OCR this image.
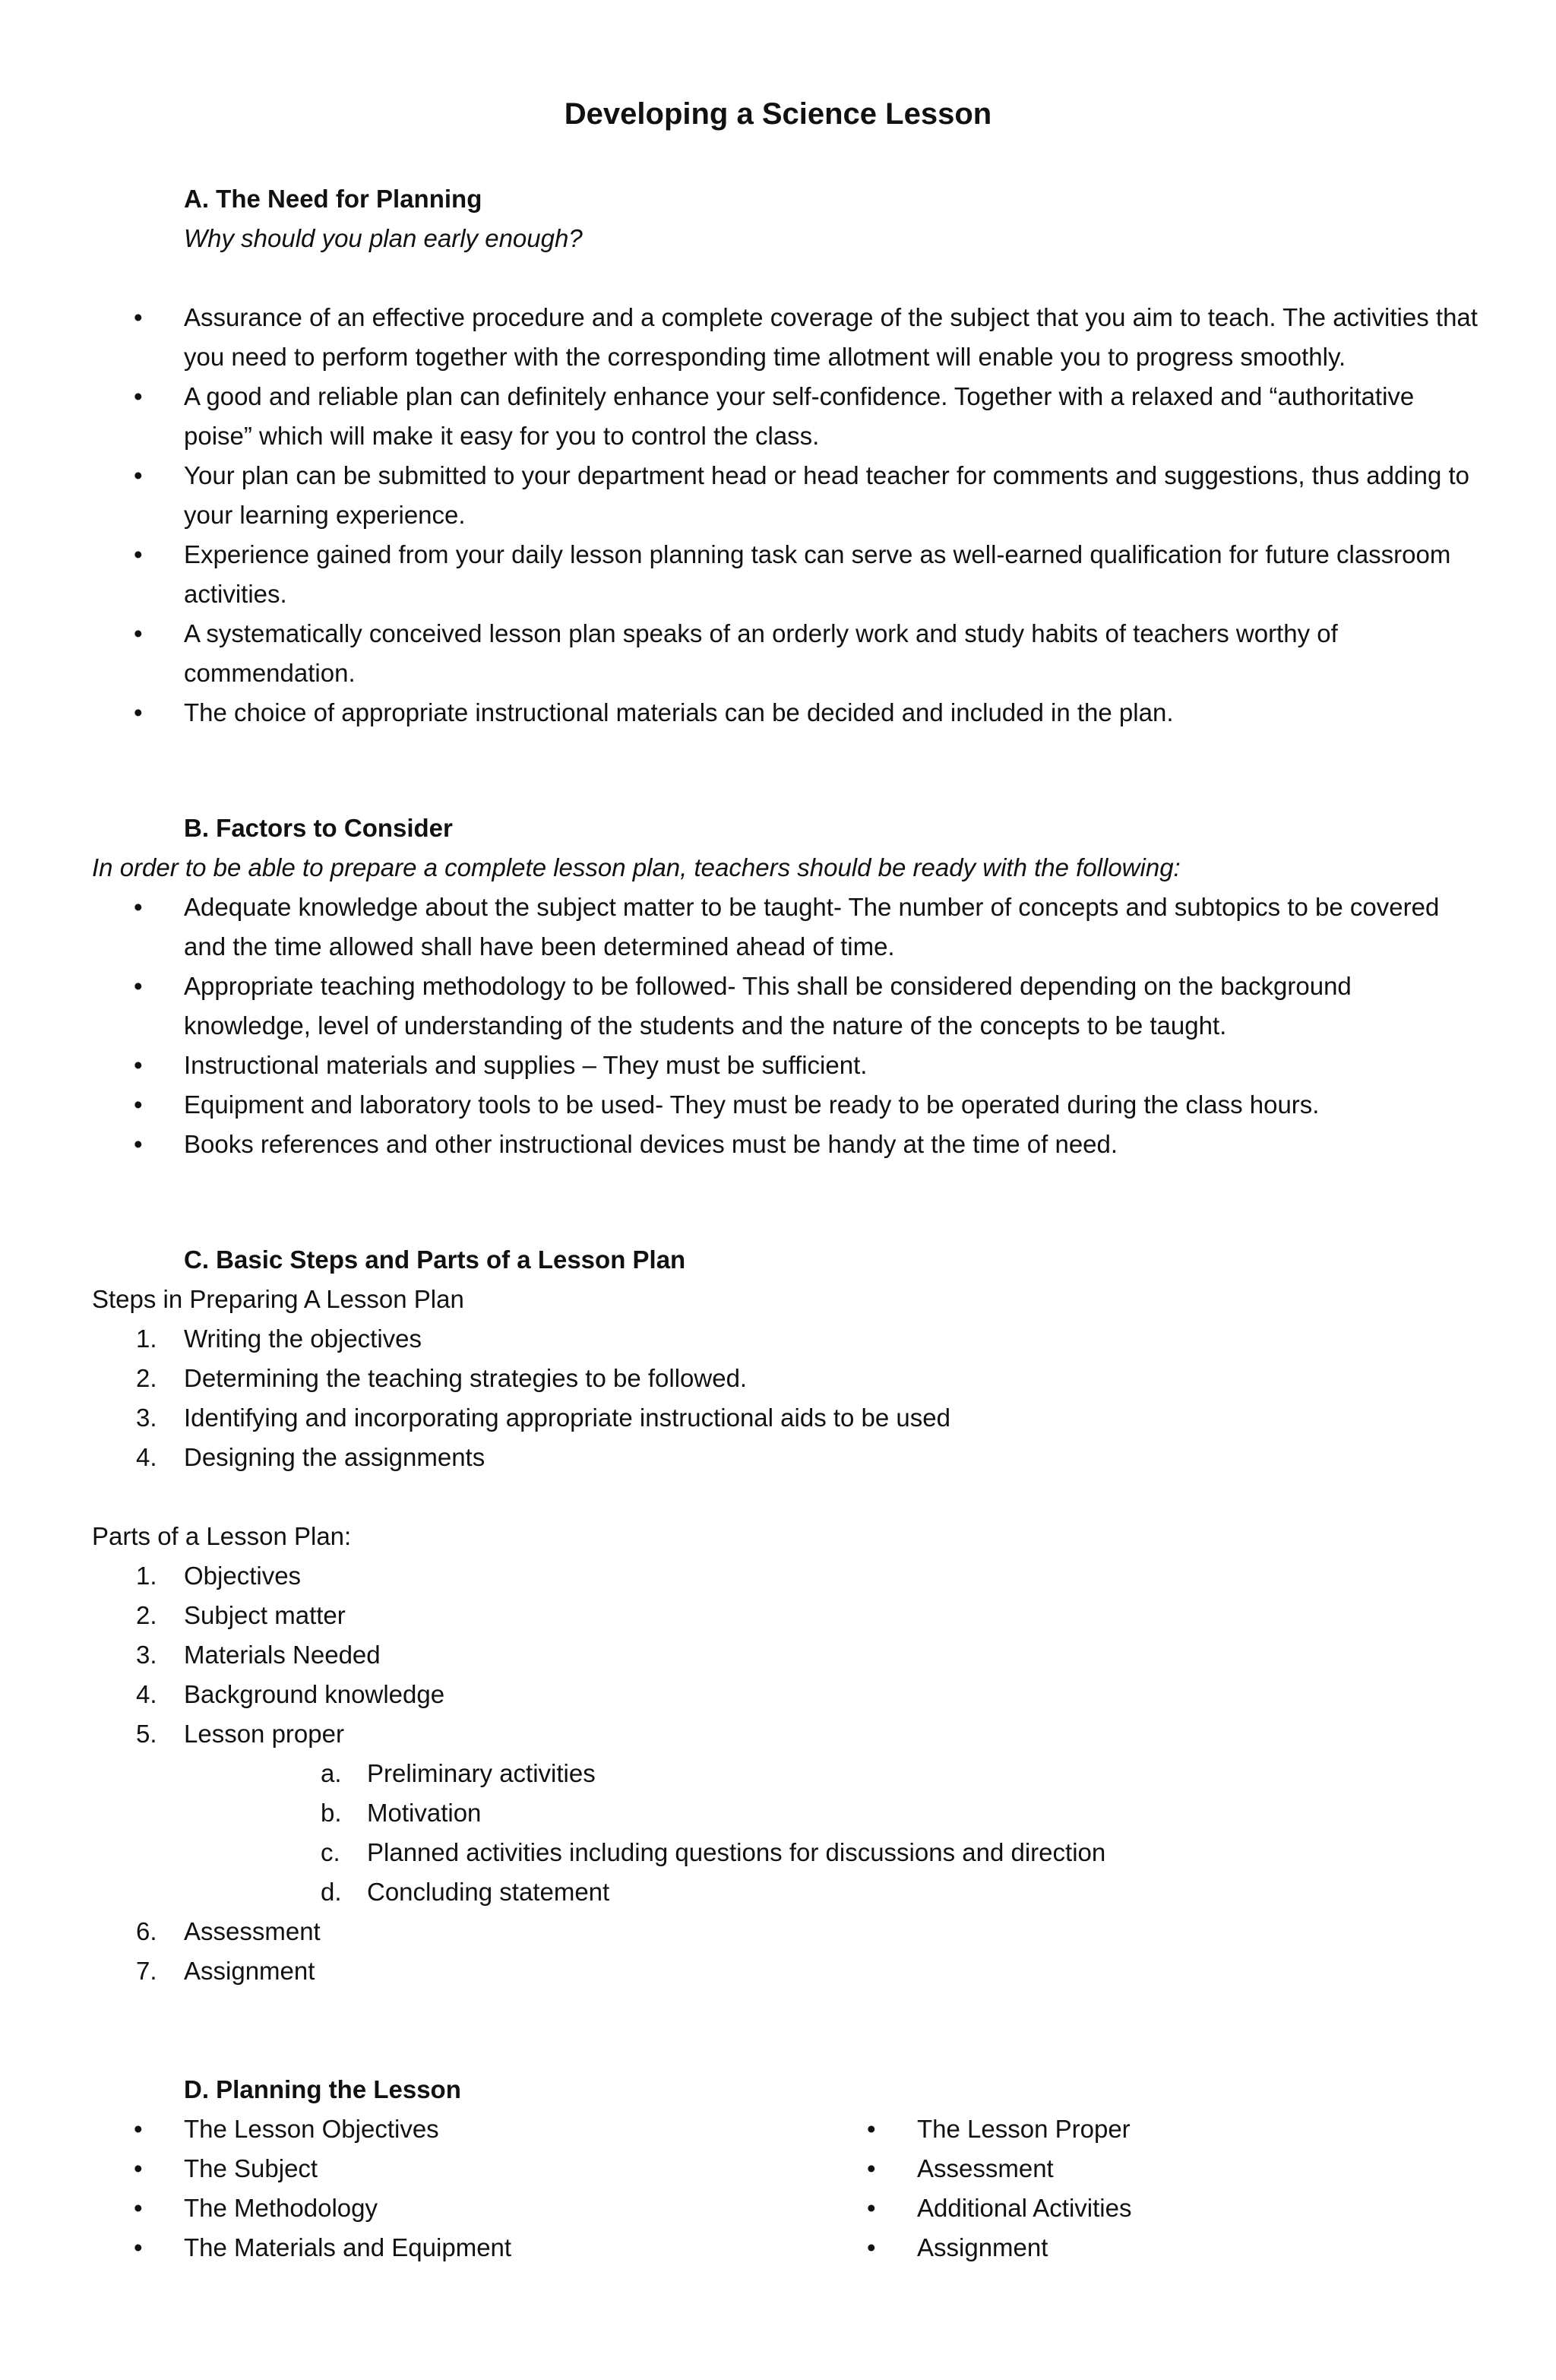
Developing a Science Lesson
A. The Need for Planning
Why should you plan early enough?
•	Assurance of an effective procedure and a complete coverage of the subject that you aim to teach. The activities that you need to perform together with the corresponding time allotment will enable you to progress smoothly.
•	A good and reliable plan can definitely enhance your self-confidence. Together with a relaxed and “authoritative poise” which will make it easy for you to control the class.
•	Your plan can be submitted to your department head or head teacher for comments and suggestions, thus adding to your learning experience.
•	Experience gained from your daily lesson planning task can serve as well-earned qualification for future classroom activities.
•	A systematically conceived lesson plan speaks of an orderly work and study habits of teachers worthy of commendation.
•	The choice of appropriate instructional materials can be decided and included in the plan.
B. Factors to Consider
In order to be able to prepare a complete lesson plan, teachers should be ready with the following:
•	Adequate knowledge about the subject matter to be taught- The number of concepts and subtopics to be covered and the time allowed shall have been determined ahead of time.
•	Appropriate teaching methodology to be followed- This shall be considered depending on the background knowledge, level of understanding of the students and the nature of the concepts to be taught.
•	Instructional materials and supplies – They must be sufficient.
•	Equipment and laboratory tools to be used- They must be ready to be operated during the class hours.
•	Books references and other instructional devices must be handy at the time of need.
C. Basic Steps and Parts of a Lesson Plan
Steps in Preparing A Lesson Plan
1.	Writing the objectives
2.	Determining the teaching strategies to be followed.
3.	Identifying and incorporating appropriate instructional aids to be used
4.	Designing the assignments
Parts of a Lesson Plan:
1.	Objectives
2.	Subject matter
3.	Materials Needed
4.	Background knowledge
5.	Lesson proper
a. Preliminary activities
b. Motivation
c. Planned activities including questions for discussions and direction
d. Concluding statement
6.	Assessment
7.	Assignment
D. Planning the Lesson
•	The Lesson Objectives
•	The Subject
•	The Methodology
•	The Materials and Equipment
•	The Lesson Proper
•	Assessment
•	Additional Activities
•	Assignment
